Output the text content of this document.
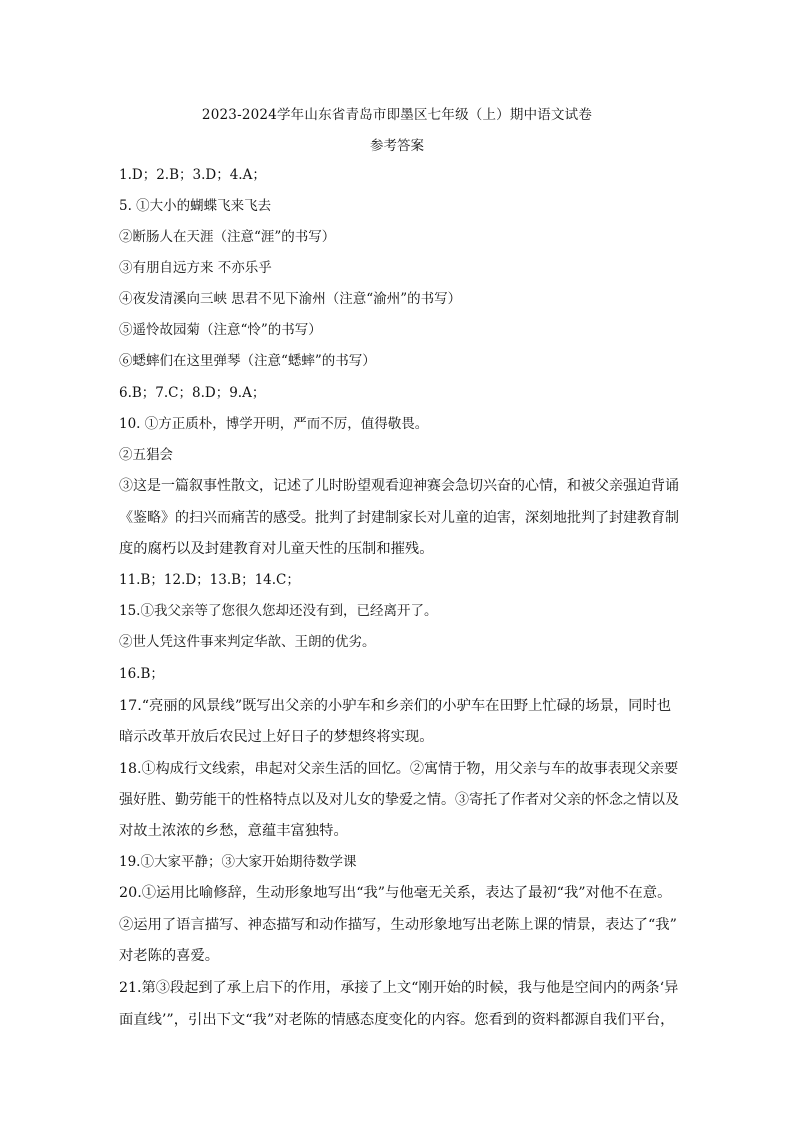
2023-2024学年山东省青岛市即墨区七年级（上）期中语文试卷
参考答案
1.D；2.B；3.D；4.A；
5. ①大小的蝴蝶飞来飞去
②断肠人在天涯（注意“涯”的书写）
③有朋自远方来 不亦乐乎
④夜发清溪向三峡 思君不见下渝州（注意“渝州”的书写）
⑤遥怜故园菊（注意“怜”的书写）
⑥蟋蟀们在这里弹琴（注意“蟋蟀”的书写）
6.B；7.C；8.D；9.A；
10. ①方正质朴，博学开明，严而不厉，值得敬畏。
②五猖会
③这是一篇叙事性散文，记述了儿时盼望观看迎神赛会急切兴奋的心情，和被父亲强迫背诵
《鉴略》的扫兴而痛苦的感受。批判了封建制家长对儿童的迫害，深刻地批判了封建教育制
度的腐朽以及封建教育对儿童天性的压制和摧残。
11.B；12.D；13.B；14.C；
15.①我父亲等了您很久您却还没有到，已经离开了。
②世人凭这件事来判定华歆、王朗的优劣。
16.B；
17.“亮丽的风景线”既写出父亲的小驴车和乡亲们的小驴车在田野上忙碌的场景，同时也
暗示改革开放后农民过上好日子的梦想终将实现。
18.①构成行文线索，串起对父亲生活的回忆。②寓情于物，用父亲与车的故事表现父亲要
强好胜、勤劳能干的性格特点以及对儿女的挚爱之情。③寄托了作者对父亲的怀念之情以及
对故土浓浓的乡愁，意蕴丰富独特。
19.①大家平静；③大家开始期待数学课
20.①运用比喻修辞，生动形象地写出“我”与他毫无关系，表达了最初“我”对他不在意。
②运用了语言描写、神态描写和动作描写，生动形象地写出老陈上课的情景，表达了“我”
对老陈的喜爱。
21.第③段起到了承上启下的作用，承接了上文“刚开始的时候，我与他是空间内的两条‘异
面直线’”，引出下文“我”对老陈的情感态度变化的内容。您看到的资料都源自我们平台，
